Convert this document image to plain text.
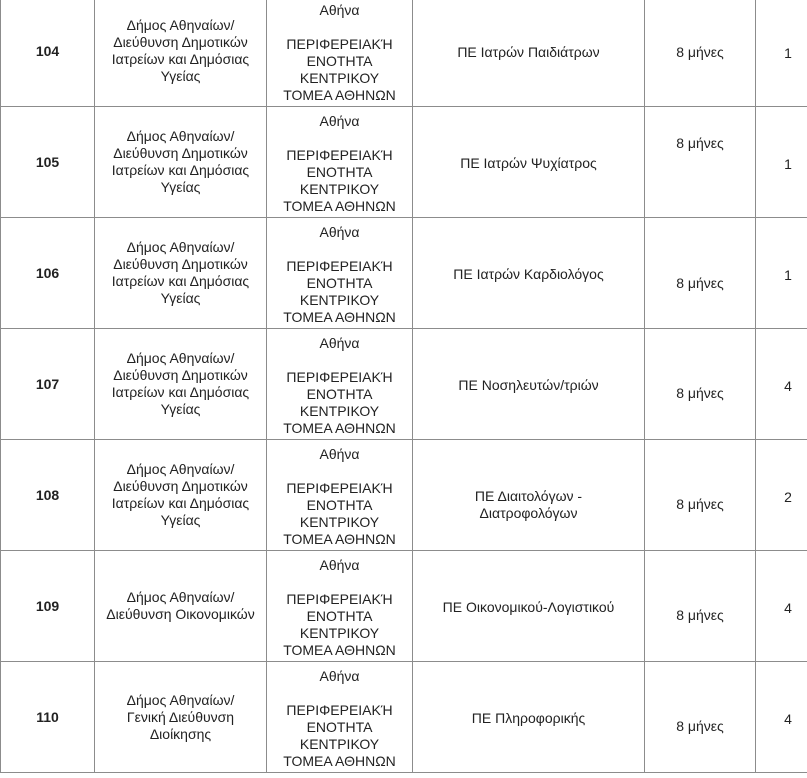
104	Δήμος Αθηναίων/
Διεύθυνση Δημοτικών
Ιατρείων και Δημόσιας
Υγείας	Αθήνα
ΠΕΡΙΦΕΡΕΙΑΚΉ
ΕΝΟΤΗΤΑ
ΚΕΝΤΡΙΚΟΥ
ΤΟΜΕΑ ΑΘΗΝΩΝ	ΠΕ Ιατρών Παιδιάτρων	8 μήνες	1

105	Δήμος Αθηναίων/
Διεύθυνση Δημοτικών
Ιατρείων και Δημόσιας
Υγείας	Αθήνα
ΠΕΡΙΦΕΡΕΙΑΚΉ
ΕΝΟΤΗΤΑ
ΚΕΝΤΡΙΚΟΥ
ΤΟΜΕΑ ΑΘΗΝΩΝ	ΠΕ Ιατρών Ψυχίατρος	8 μήνες	1

106	Δήμος Αθηναίων/
Διεύθυνση Δημοτικών
Ιατρείων και Δημόσιας
Υγείας	Αθήνα
ΠΕΡΙΦΕΡΕΙΑΚΉ
ΕΝΟΤΗΤΑ
ΚΕΝΤΡΙΚΟΥ
ΤΟΜΕΑ ΑΘΗΝΩΝ	ΠΕ Ιατρών Καρδιολόγος	8 μήνες	1

107	Δήμος Αθηναίων/
Διεύθυνση Δημοτικών
Ιατρείων και Δημόσιας
Υγείας	Αθήνα
ΠΕΡΙΦΕΡΕΙΑΚΉ
ΕΝΟΤΗΤΑ
ΚΕΝΤΡΙΚΟΥ
ΤΟΜΕΑ ΑΘΗΝΩΝ	ΠΕ Νοσηλευτών/τριών	8 μήνες	4

108	Δήμος Αθηναίων/
Διεύθυνση Δημοτικών
Ιατρείων και Δημόσιας
Υγείας	Αθήνα
ΠΕΡΙΦΕΡΕΙΑΚΉ
ΕΝΟΤΗΤΑ
ΚΕΝΤΡΙΚΟΥ
ΤΟΜΕΑ ΑΘΗΝΩΝ	ΠΕ Διαιτολόγων -
Διατροφολόγων	8 μήνες	2

109	Δήμος Αθηναίων/
Διεύθυνση Οικονομικών	Αθήνα
ΠΕΡΙΦΕΡΕΙΑΚΉ
ΕΝΟΤΗΤΑ
ΚΕΝΤΡΙΚΟΥ
ΤΟΜΕΑ ΑΘΗΝΩΝ	ΠΕ Οικονομικού-Λογιστικού	8 μήνες	4

110	Δήμος Αθηναίων/
Γενική Διεύθυνση
Διοίκησης	Αθήνα
ΠΕΡΙΦΕΡΕΙΑΚΉ
ΕΝΟΤΗΤΑ
ΚΕΝΤΡΙΚΟΥ
ΤΟΜΕΑ ΑΘΗΝΩΝ	ΠΕ Πληροφορικής	8 μήνες	4
